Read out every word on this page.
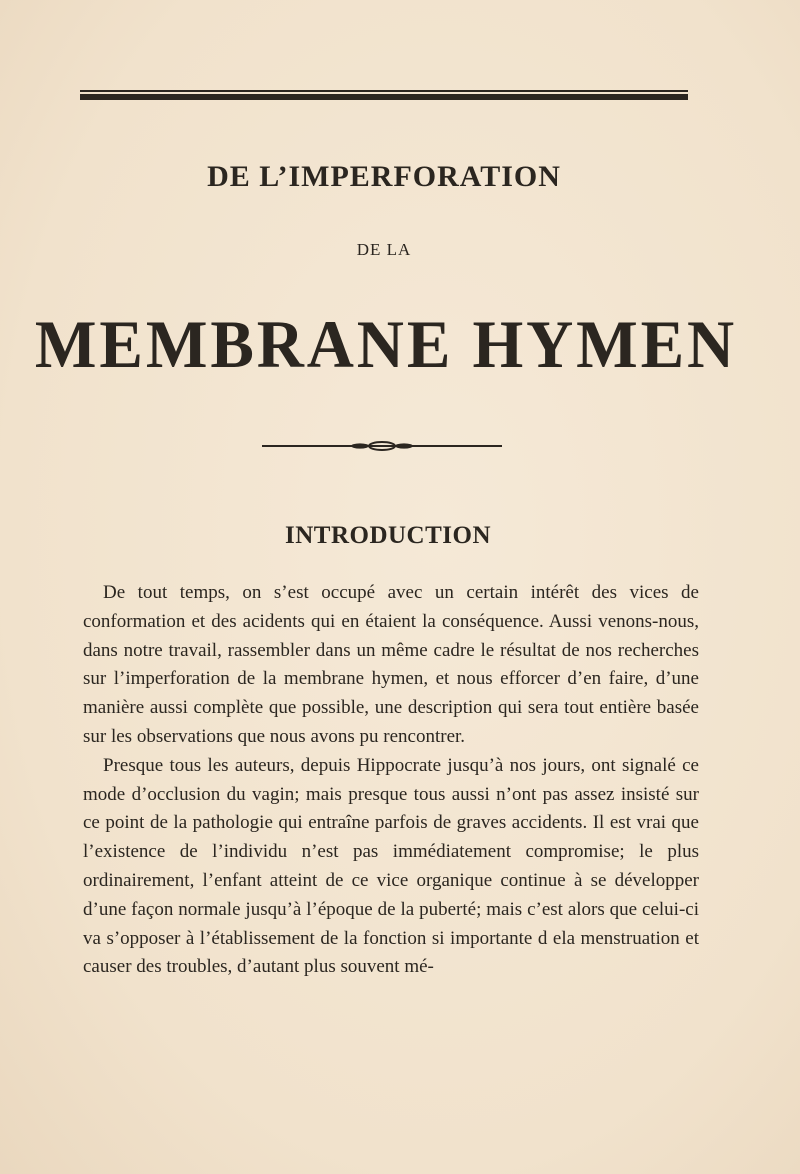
DE L’IMPERFORATION
DE LA
MEMBRANE HYMEN
INTRODUCTION

De tout temps, on s’est occupé avec un certain intérêt des vices de conformation et des acidents qui en étaient la conséquence. Aussi venons-nous, dans notre travail, rassembler dans un même cadre le résultat de nos recherches sur l’imperforation de la membrane hymen, et nous efforcer d’en faire, d’une manière aussi complète que possible, une description qui sera tout entière basée sur les observations que nous avons pu rencontrer.

Presque tous les auteurs, depuis Hippocrate jusqu’à nos jours, ont signalé ce mode d’occlusion du vagin; mais presque tous aussi n’ont pas assez insisté sur ce point de la pathologie qui entraîne parfois de graves accidents. Il est vrai que l’existence de l’individu n’est pas immédiatement compromise; le plus ordinairement, l’enfant atteint de ce vice organique continue à se développer d’une façon normale jusqu’à l’époque de la puberté; mais c’est alors que celui-ci va s’opposer à l’établissement de la fonction si importante d ela menstruation et causer des troubles, d’autant plus souvent mé-
